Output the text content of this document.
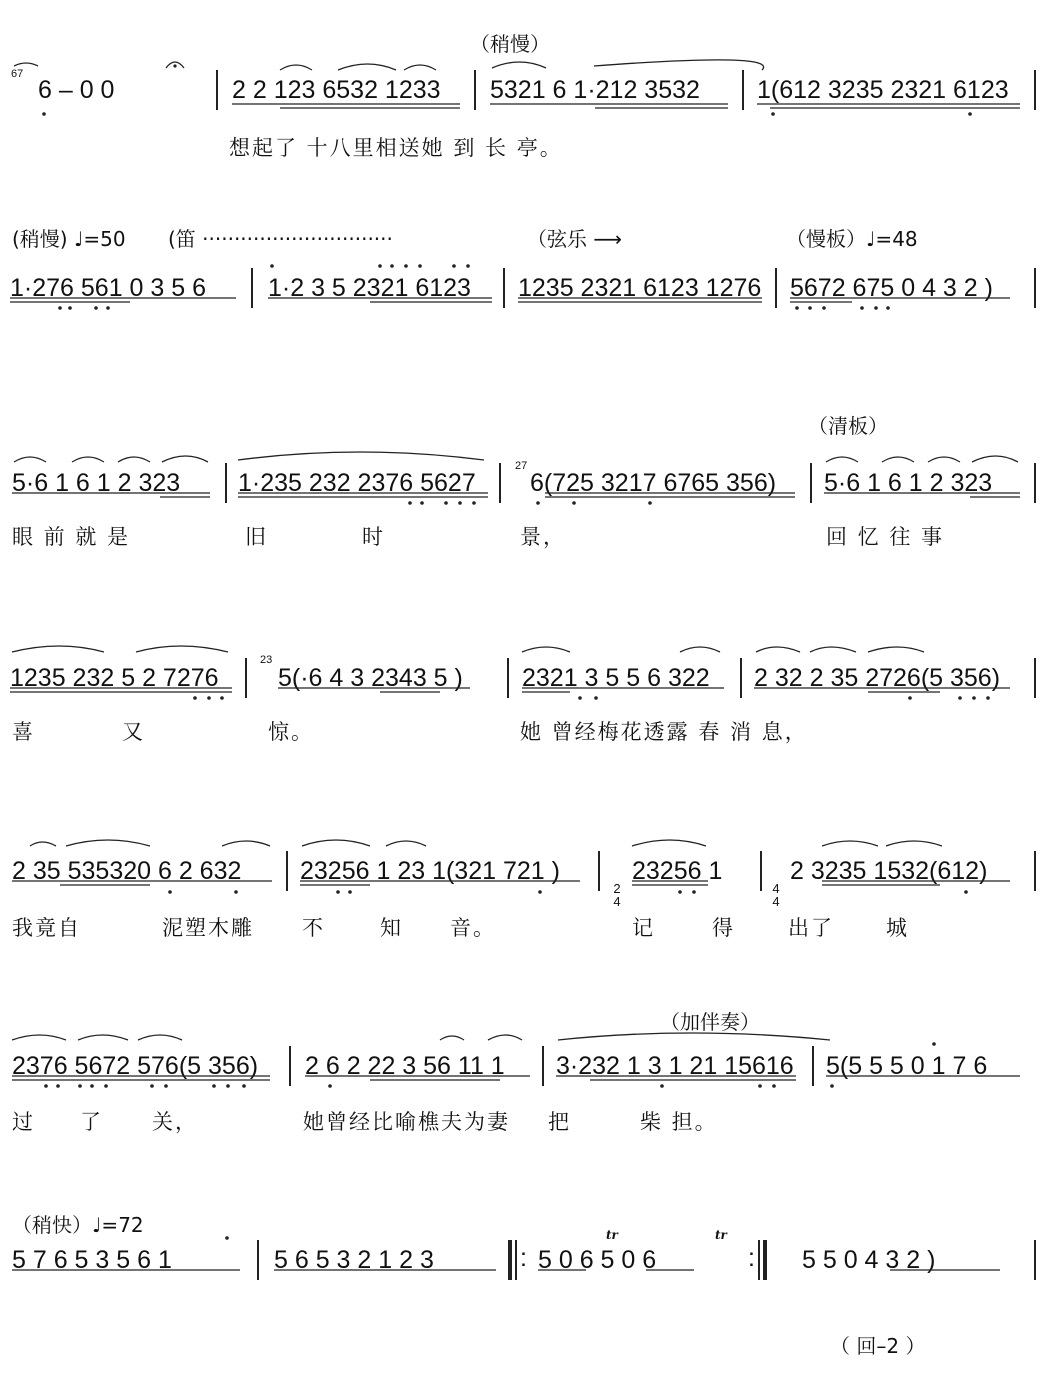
（稍慢）
67
6 – 0 0	2 2 123 6532 1233 5321 6 1·212 3532 1(612 3235 2321 6123
想起了 十八里相送她 到 长 亭。
(稍慢) ♩=50 (笛 ······························	（弦乐 ⟶	（慢板）♩=48
1·276 561 0 3 5 6 1·2 3 5 2321 6123 1235 2321 6123 1276 5672 675 0 4 3 2 )
（清板）
5·6 1 6 1 2 323 1·235 232 2376 5627
27
6(725 3217 6765 356) 5·6 1 6 1 2 323
眼 前 就 是	旧	时	景，	回 忆 往 事
1235 232 5 2 7276
23
5(·6 4 3 2343 5 ) 2321 3 5 5 6 322 2 32 2 35 2726(5 356)
喜	又	惊。	她 曾经梅花透露 春 消 息，
2 35 535320 6 2 632 23256 1 23 1(321 721 )

2
4

23256 1

4
4

2 3235 1532(612)
我竟自	泥塑木雕 不	知 音。	记	得	出了 城
（加伴奏）
2376 5672 576(5 356) 2 6 2 22 3 56 11 1 3·232 1 3 1 21 15616 5(5 5 5 0 1 7 6
过 了 关，	她曾经比喻樵夫为妻 把	柴 担。
（稍快）♩=72
5 7 6 5 3 5 6 1	5 6 5 3 2 1 2 3	: 5 0 6 5 0 6
tr	tr
: 5 5 0 4 3 2 )
（ 回–2 ）
